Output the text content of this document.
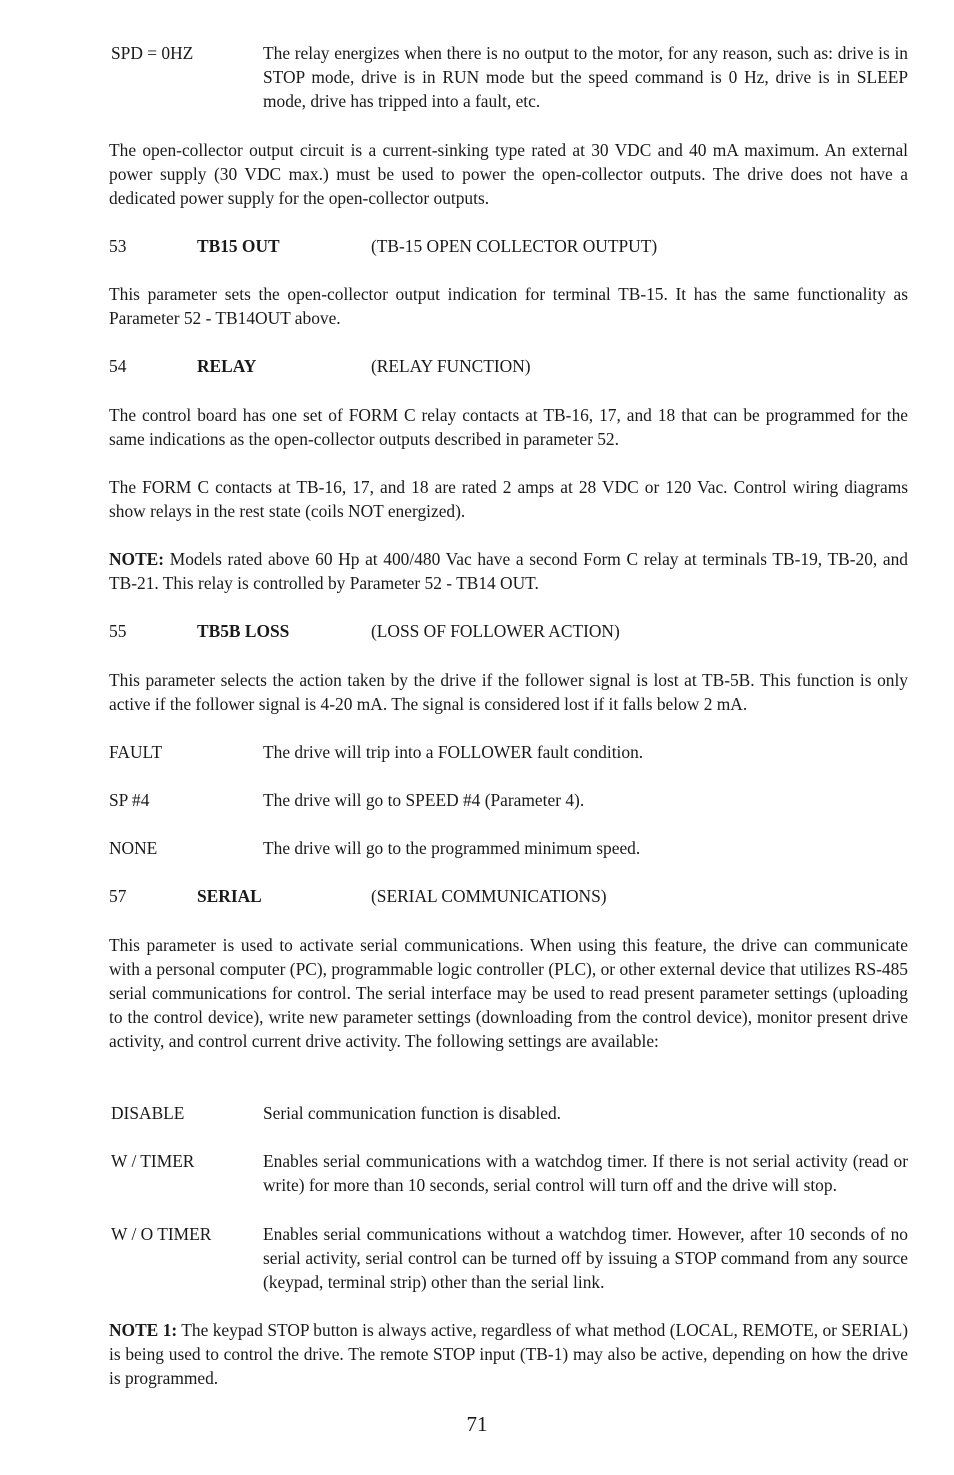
SPD = 0HZ	The relay energizes when there is no output to the motor, for any reason, such as: drive is in STOP mode, drive is in RUN mode but the speed command is 0 Hz, drive is in SLEEP mode, drive has tripped into a fault, etc.

The open-collector output circuit is a current-sinking type rated at 30 VDC and 40 mA maximum. An external power supply (30 VDC max.) must be used to power the open-collector outputs. The drive does not have a dedicated power supply for the open-collector outputs.

53	TB15 OUT	(TB-15 OPEN COLLECTOR OUTPUT)

This parameter sets the open-collector output indication for terminal TB-15. It has the same functionality as Parameter 52 - TB14OUT above.

54	RELAY	(RELAY FUNCTION)

The control board has one set of FORM C relay contacts at TB-16, 17, and 18 that can be programmed for the same indications as the open-collector outputs described in parameter 52.

The FORM C contacts at TB-16, 17, and 18 are rated 2 amps at 28 VDC or 120 Vac. Control wiring diagrams show relays in the rest state (coils NOT energized).

NOTE: Models rated above 60 Hp at 400/480 Vac have a second Form C relay at terminals TB-19, TB-20, and TB-21. This relay is controlled by Parameter 52 - TB14 OUT.

55	TB5B LOSS	(LOSS OF FOLLOWER ACTION)

This parameter selects the action taken by the drive if the follower signal is lost at TB-5B. This function is only active if the follower signal is 4-20 mA. The signal is considered lost if it falls below 2 mA.

FAULT	The drive will trip into a FOLLOWER fault condition.
SP #4	The drive will go to SPEED #4 (Parameter 4).
NONE	The drive will go to the programmed minimum speed.
57	SERIAL	(SERIAL COMMUNICATIONS)

This parameter is used to activate serial communications. When using this feature, the drive can communicate with a personal computer (PC), programmable logic controller (PLC), or other external device that utilizes RS-485 serial communications for control. The serial interface may be used to read present parameter settings (uploading to the control device), write new parameter settings (downloading from the control device), monitor present drive activity, and control current drive activity. The following settings are available:

DISABLE	Serial communication function is disabled.
W / TIMER	Enables serial communications with a watchdog timer. If there is not serial activity (read or write) for more than 10 seconds, serial control will turn off and the drive will stop.
W / O TIMER	Enables serial communications without a watchdog timer. However, after 10 seconds of no serial activity, serial control can be turned off by issuing a STOP command from any source (keypad, terminal strip) other than the serial link.

NOTE 1: The keypad STOP button is always active, regardless of what method (LOCAL, REMOTE, or SERIAL) is being used to control the drive. The remote STOP input (TB-1) may also be active, depending on how the drive is programmed.

71
